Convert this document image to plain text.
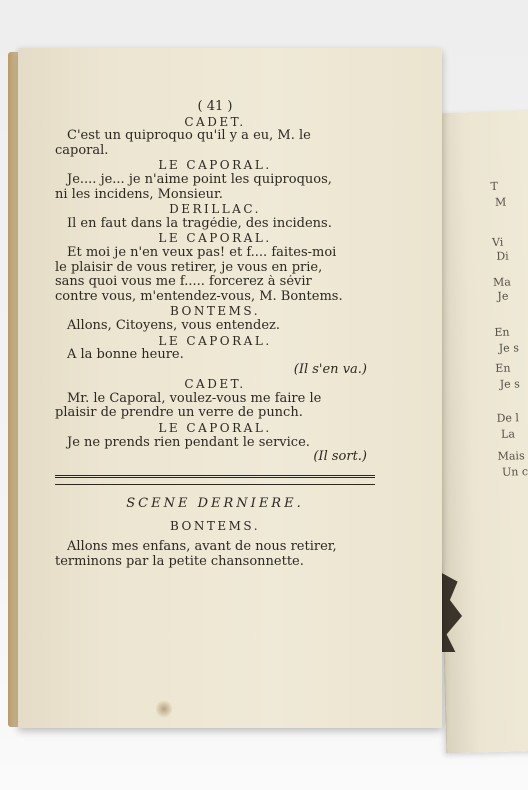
T
M
Vi
Di
Ma
Je
En
Je s
En
Je s
De l
La
Mais
Un c
( 41 )
CADET.
C'est un quiproquo qu'il y a eu, M. le
caporal.
LE CAPORAL.
Je.... je... je n'aime point les quiproquos,
ni les incidens, Monsieur.
DERILLAC.
Il en faut dans la tragédie, des incidens.
LE CAPORAL.
Et moi je n'en veux pas! et f.... faites-moi
le plaisir de vous retirer, je vous en prie,
sans quoi vous me f..... forcerez à sévir
contre vous, m'entendez-vous, M. Bontems.
BONTEMS.
Allons, Citoyens, vous entendez.
LE CAPORAL.
A la bonne heure.
(Il s'en va.)
CADET.
Mr. le Caporal, voulez-vous me faire le
plaisir de prendre un verre de punch.
LE CAPORAL.
Je ne prends rien pendant le service.
(Il sort.)
SCÈNE DERNIÈRE.
BONTEMS.
Allons mes enfans, avant de nous retirer,
terminons par la petite chansonnette.
